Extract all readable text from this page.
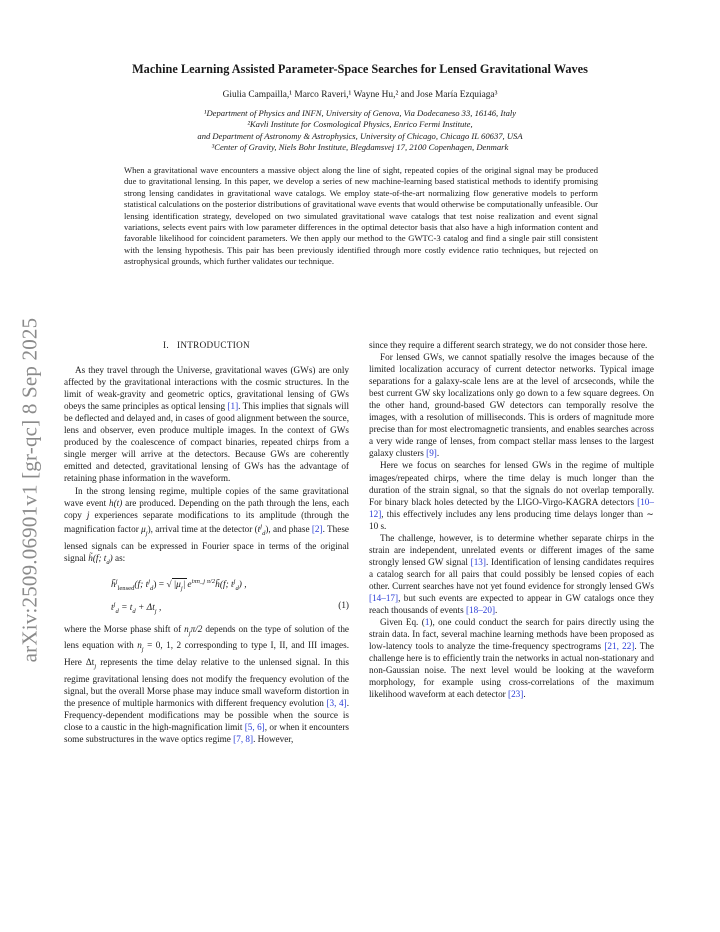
arXiv:2509.06901v1 [gr-qc] 8 Sep 2025
Machine Learning Assisted Parameter-Space Searches for Lensed Gravitational Waves
Giulia Campailla,¹ Marco Raveri,¹ Wayne Hu,² and Jose María Ezquiaga³
¹Department of Physics and INFN, University of Genova, Via Dodecaneso 33, 16146, Italy
²Kavli Institute for Cosmological Physics, Enrico Fermi Institute,
and Department of Astronomy & Astrophysics, University of Chicago, Chicago IL 60637, USA
³Center of Gravity, Niels Bohr Institute, Blegdamsvej 17, 2100 Copenhagen, Denmark
When a gravitational wave encounters a massive object along the line of sight, repeated copies of the original signal may be produced due to gravitational lensing. In this paper, we develop a series of new machine-learning based statistical methods to identify promising strong lensing candidates in gravitational wave catalogs. We employ state-of-the-art normalizing flow generative models to perform statistical calculations on the posterior distributions of gravitational wave events that would otherwise be computationally unfeasible. Our lensing identification strategy, developed on two simulated gravitational wave catalogs that test noise realization and event signal variations, selects event pairs with low parameter differences in the optimal detector basis that also have a high information content and favorable likelihood for coincident parameters. We then apply our method to the GWTC-3 catalog and find a single pair still consistent with the lensing hypothesis. This pair has been previously identified through more costly evidence ratio techniques, but rejected on astrophysical grounds, which further validates our technique.
I. INTRODUCTION

As they travel through the Universe, gravitational waves (GWs) are only affected by the gravitational interactions with the cosmic structures. In the limit of weak-gravity and geometric optics, gravitational lensing of GWs obeys the same principles as optical lensing [1]. This implies that signals will be deflected and delayed and, in cases of good alignment between the source, lens and observer, even produce multiple images. In the context of GWs produced by the coalescence of compact binaries, repeated chirps from a single merger will arrive at the detectors. Because GWs are coherently emitted and detected, gravitational lensing of GWs has the advantage of retaining phase information in the waveform.

In the strong lensing regime, multiple copies of the same gravitational wave event h(t) are produced. Depending on the path through the lens, each copy j experiences separate modifications to its amplitude (through the magnification factor $\mu_j$), arrival time at the detector $(t^j_d)$, and phase [2]. These lensed signals can be expressed in Fourier space in terms of the original signal h̃(f; $t_d$) as:

h̃$^j_{lensed}$(f; $t^j_d$) = √ $|\mu_j|$ $e^{i\pi n\_j \pi/2}h̃(f$; $t^j_d$) ,
$t^j_d = t_d + \Delta t_j$ ,	(1)

where the Morse phase shift of $n_j\pi/2$ depends on the type of solution of the lens equation with $n_j = 0$, 1, 2 corresponding to type I, II, and III images. Here $\Delta t_j$ represents the time delay relative to the unlensed signal. In this regime gravitational lensing does not modify the frequency evolution of the signal, but the overall Morse phase may induce small waveform distortion in the presence of multiple harmonics with different frequency evolution [3, 4]. Frequency-dependent modifications may be possible when the source is close to a caustic in the high-magnification limit [5, 6], or when it encounters some substructures in the wave optics regime [7, 8]. However,

since they require a different search strategy, we do not consider those here.

For lensed GWs, we cannot spatially resolve the images because of the limited localization accuracy of current detector networks. Typical image separations for a galaxy-scale lens are at the level of arcseconds, while the best current GW sky localizations only go down to a few square degrees. On the other hand, ground-based GW detectors can temporally resolve the images, with a resolution of milliseconds. This is orders of magnitude more precise than for most electromagnetic transients, and enables searches across a very wide range of lenses, from compact stellar mass lenses to the largest galaxy clusters [9].

Here we focus on searches for lensed GWs in the regime of multiple images/repeated chirps, where the time delay is much longer than the duration of the strain signal, so that the signals do not overlap temporally. For binary black holes detected by the LIGO-Virgo-KAGRA detectors [10–12], this effectively includes any lens producing time delays longer than ∼ 10 s.

The challenge, however, is to determine whether separate chirps in the strain are independent, unrelated events or different images of the same strongly lensed GW signal [13]. Identification of lensing candidates requires a catalog search for all pairs that could possibly be lensed copies of each other. Current searches have not yet found evidence for strongly lensed GWs [14–17], but such events are expected to appear in GW catalogs once they reach thousands of events [18–20].

Given Eq. (1), one could conduct the search for pairs directly using the strain data. In fact, several machine learning methods have been proposed as low-latency tools to analyze the time-frequency spectrograms [21, 22]. The challenge here is to efficiently train the networks in actual non-stationary and non-Gaussian noise. The next level would be looking at the waveform morphology, for example using cross-correlations of the maximum likelihood waveform at each detector [23].
